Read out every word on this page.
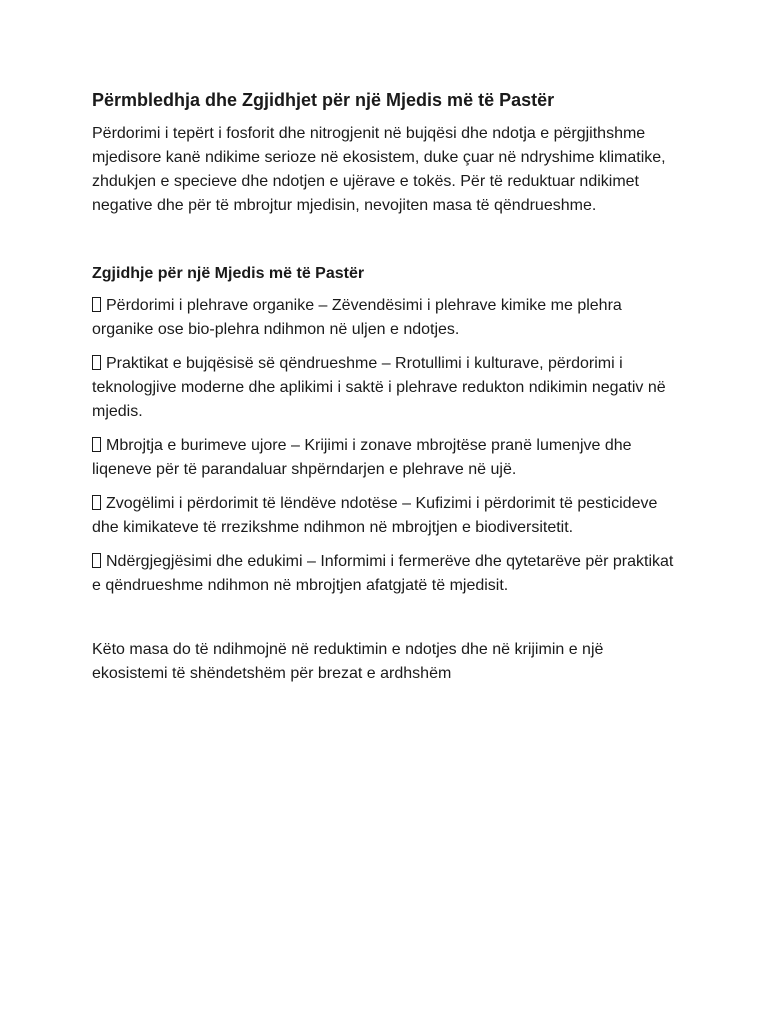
Përmbledhja dhe Zgjidhjet për një Mjedis më të Pastër

Përdorimi i tepërt i fosforit dhe nitrogjenit në bujqësi dhe ndotja e përgjithshme mjedisore kanë ndikime serioze në ekosistem, duke çuar në ndryshime klimatike, zhdukjen e specieve dhe ndotjen e ujërave e tokës. Për të reduktuar ndikimet negative dhe për të mbrojtur mjedisin, nevojiten masa të qëndrueshme.

Zgjidhje për një Mjedis më të Pastër

Përdorimi i plehrave organike – Zëvendësimi i plehrave kimike me plehra organike ose bio-plehra ndihmon në uljen e ndotjes.

Praktikat e bujqësisë së qëndrueshme – Rrotullimi i kulturave, përdorimi i teknologjive moderne dhe aplikimi i saktë i plehrave redukton ndikimin negativ në mjedis.

Mbrojtja e burimeve ujore – Krijimi i zonave mbrojtëse pranë lumenjve dhe liqeneve për të parandaluar shpërndarjen e plehrave në ujë.

Zvogëlimi i përdorimit të lëndëve ndotëse – Kufizimi i përdorimit të pesticideve dhe kimikateve të rrezikshme ndihmon në mbrojtjen e biodiversitetit.

Ndërgjegjësimi dhe edukimi – Informimi i fermerëve dhe qytetarëve për praktikat e qëndrueshme ndihmon në mbrojtjen afatgjatë të mjedisit.

Këto masa do të ndihmojnë në reduktimin e ndotjes dhe në krijimin e një ekosistemi të shëndetshëm për brezat e ardhshëm
